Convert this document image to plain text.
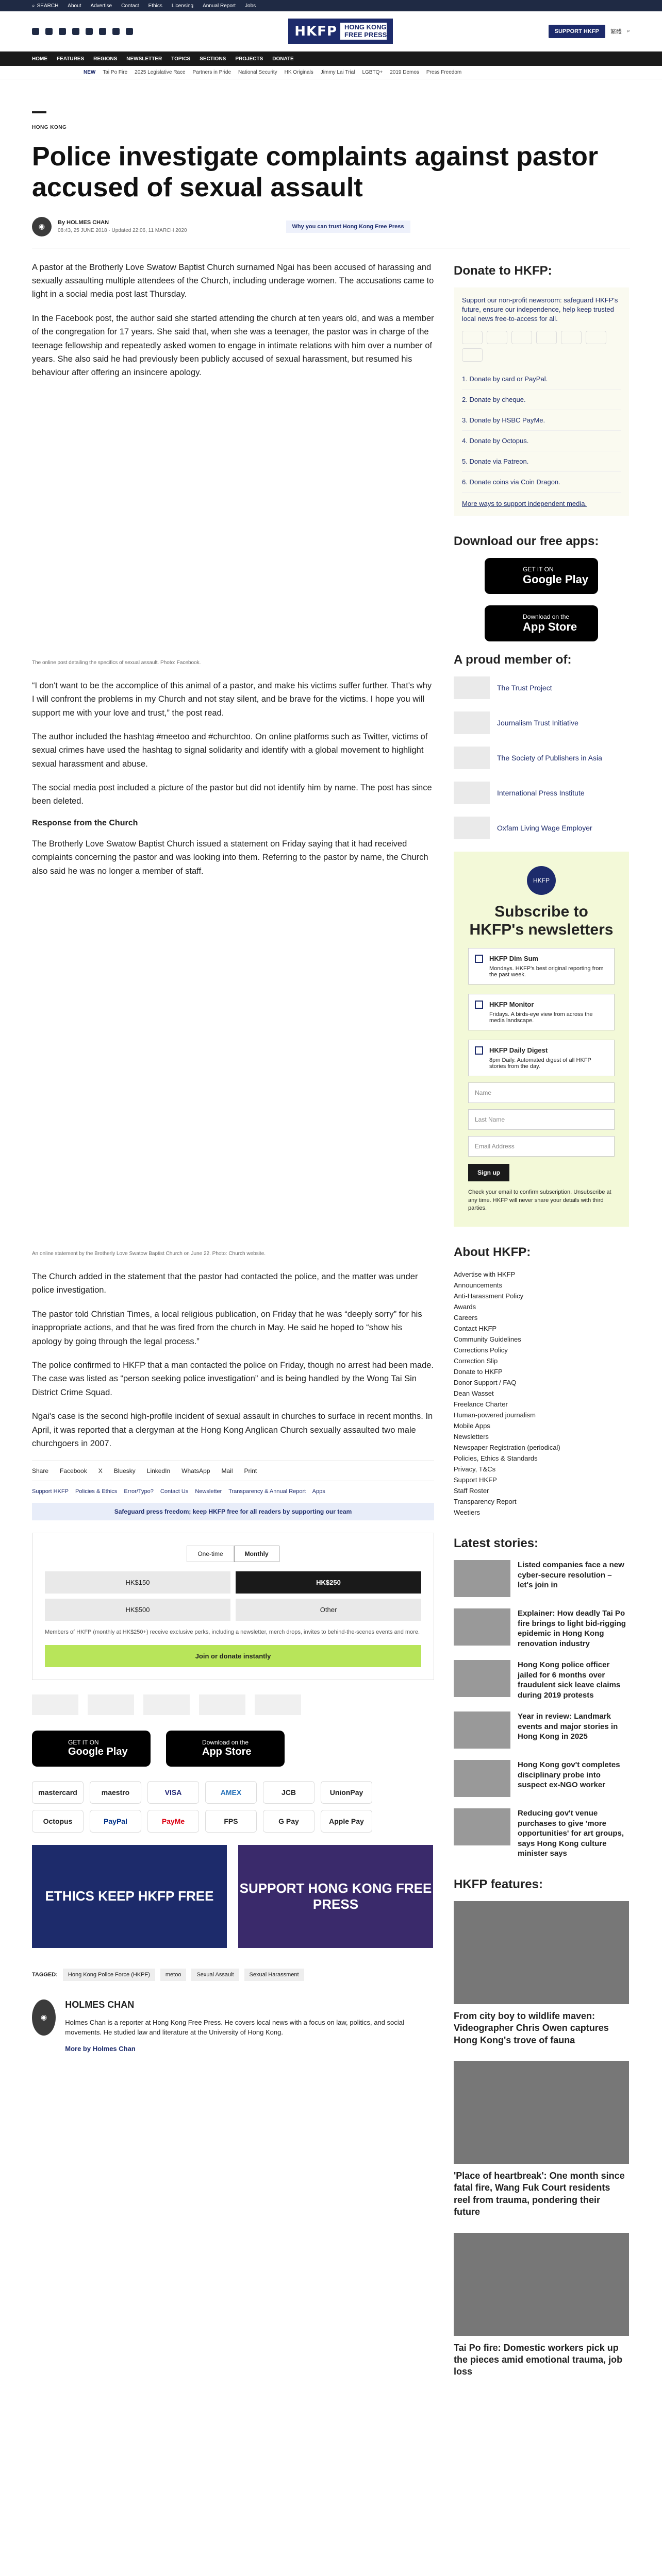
⌕ SEARCH About Advertise Contact Ethics Licensing Annual Report Jobs
HKFP	HONG KONG
FREE PRESS	SUPPORT HKFP	繁體 ⌕
HOME FEATURES REGIONS NEWSLETTER TOPICS SECTIONS PROJECTS DONATE
NEW Tai Po Fire 2025 Legislative Race Partners in Pride National Security HK Originals Jimmy Lai Trial LGBTQ+ 2019 Demos Press Freedom
HONG KONG
Police investigate complaints against pastor accused of sexual assault
◉	By HOLMES CHAN
08:43, 25 JUNE 2018 · Updated 22:06, 11 MARCH 2020
Why you can trust Hong Kong Free Press

A pastor at the Brotherly Love Swatow Baptist Church surnamed Ngai has been accused of harassing and sexually assaulting multiple attendees of the Church, including underage women. The accusations came to light in a social media post last Thursday.

In the Facebook post, the author said she started attending the church at ten years old, and was a member of the congregation for 17 years. She said that, when she was a teenager, the pastor was in charge of the teenage fellowship and repeatedly asked women to engage in intimate relations with him over a number of years. She also said he had previously been publicly accused of sexual harassment, but resumed his behaviour after offering an insincere apology.

The online post detailing the specifics of sexual assault. Photo: Facebook.

“I don't want to be the accomplice of this animal of a pastor, and make his victims suffer further. That's why I will confront the problems in my Church and not stay silent, and be brave for the victims. I hope you will support me with your love and trust,” the post read.

The author included the hashtag #meetoo and #churchtoo. On online platforms such as Twitter, victims of sexual crimes have used the hashtag to signal solidarity and identify with a global movement to highlight sexual harassment and abuse.

The social media post included a picture of the pastor but did not identify him by name. The post has since been deleted.

Response from the Church

The Brotherly Love Swatow Baptist Church issued a statement on Friday saying that it had received complaints concerning the pastor and was looking into them. Referring to the pastor by name, the Church also said he was no longer a member of staff.

An online statement by the Brotherly Love Swatow Baptist Church on June 22. Photo: Church website.

The Church added in the statement that the pastor had contacted the police, and the matter was under police investigation.

The pastor told Christian Times, a local religious publication, on Friday that he was “deeply sorry” for his inappropriate actions, and that he was fired from the church in May. He said he hoped to “show his apology by going through the legal process.”

The police confirmed to HKFP that a man contacted the police on Friday, though no arrest had been made. The case was listed as “person seeking police investigation” and is being handled by the Wong Tai Sin District Crime Squad.

Ngai's case is the second high-profile incident of sexual assault in churches to surface in recent months. In April, it was reported that a clergyman at the Hong Kong Anglican Church sexually assaulted two male churchgoers in 2007.

Share Facebook X Bluesky LinkedIn WhatsApp Mail Print
Support HKFP Policies & Ethics Error/Typo? Contact Us Newsletter Transparency & Annual Report Apps
Safeguard press freedom; keep HKFP free for all readers by supporting our team
One-time	Monthly
HK$150	HK$250
HK$500	Other
Members of HKFP (monthly at HK$250+) receive exclusive perks, including a newsletter, merch drops, invites to behind-the-scenes events and more.
Join or donate instantly
GET IT ON
Google Play
Download on the
App Store
mastercard	maestro	VISA	AMEX	JCB	UnionPay
Octopus	PayPal	PayMe	FPS	G Pay	Apple Pay
ETHICS KEEP HKFP FREE
SUPPORT HONG KONG FREE PRESS
TAGGED:	Hong Kong Police Force (HKPF)	metoo	Sexual Assault	Sexual Harassment
◉
HOLMES CHAN

Holmes Chan is a reporter at Hong Kong Free Press. He covers local news with a focus on law, politics, and social movements. He studied law and literature at the University of Hong Kong.

More by Holmes Chan

Donate to HKFP:
Support our non-profit newsroom: safeguard HKFP's future, ensure our independence, help keep trusted local news free-to-access for all.
1. Donate by card or PayPal.
2. Donate by cheque.
3. Donate by HSBC PayMe.
4. Donate by Octopus.
5. Donate via Patreon.
6. Donate coins via Coin Dragon.
More ways to support independent media.
Download our free apps:
GET IT ON
Google Play
Download on the
App Store
A proud member of:
The Trust Project
Journalism Trust Initiative
The Society of Publishers in Asia
International Press Institute
Oxfam Living Wage Employer
HKFP
Subscribe to HKFP's newsletters
HKFP Dim Sum
Mondays. HKFP's best original reporting from the past week.
HKFP Monitor
Fridays. A birds-eye view from across the media landscape.
HKFP Daily Digest
8pm Daily. Automated digest of all HKFP stories from the day.
Name
Last Name
Email Address
Sign up
Check your email to confirm subscription. Unsubscribe at any time. HKFP will never share your details with third parties.
About HKFP:
Advertise with HKFP
Announcements
Anti-Harassment Policy
Awards
Careers
Contact HKFP
Community Guidelines
Corrections Policy
Correction Slip
Donate to HKFP
Donor Support / FAQ
Dean Wasset
Freelance Charter
Human-powered journalism
Mobile Apps
Newsletters
Newspaper Registration (periodical)
Policies, Ethics & Standards
Privacy, T&Cs
Support HKFP
Staff Roster
Transparency Report
Weetiers
Latest stories:
Listed companies face a new cyber-secure resolution – let's join in
Explainer: How deadly Tai Po fire brings to light bid-rigging epidemic in Hong Kong renovation industry
Hong Kong police officer jailed for 6 months over fraudulent sick leave claims during 2019 protests
Year in review: Landmark events and major stories in Hong Kong in 2025
Hong Kong gov't completes disciplinary probe into suspect ex-NGO worker
Reducing gov't venue purchases to give 'more opportunities' for art groups, says Hong Kong culture minister says
HKFP features:
From city boy to wildlife maven: Videographer Chris Owen captures Hong Kong's trove of fauna
'Place of heartbreak': One month since fatal fire, Wang Fuk Court residents reel from trauma, pondering their future
Tai Po fire: Domestic workers pick up the pieces amid emotional trauma, job loss
